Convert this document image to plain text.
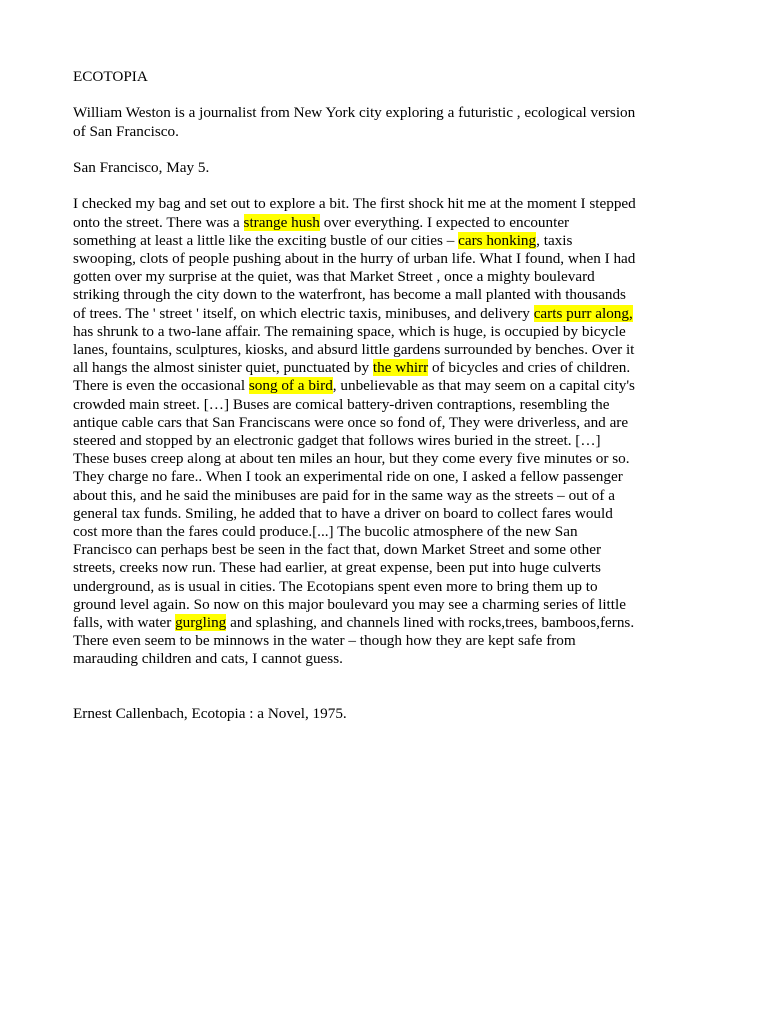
ECOTOPIA

William Weston is a journalist from New York city exploring a futuristic , ecological version
of San Francisco.

San Francisco, May 5.

I checked my bag and set out to explore a bit. The first shock hit me at the moment I stepped
onto the street. There was a strange hush over everything. I expected to encounter
something at least a little like the exciting bustle of our cities – cars honking, taxis
swooping, clots of people pushing about in the hurry of urban life. What I found, when I had
gotten over my surprise at the quiet, was that Market Street , once a mighty boulevard
striking through the city down to the waterfront, has become a mall planted with thousands
of trees. The ' street ' itself, on which electric taxis, minibuses, and delivery carts purr along,
has shrunk to a two-lane affair. The remaining space, which is huge, is occupied by bicycle
lanes, fountains, sculptures, kiosks, and absurd little gardens surrounded by benches. Over it
all hangs the almost sinister quiet, punctuated by the whirr of bicycles and cries of children.
There is even the occasional song of a bird, unbelievable as that may seem on a capital city's
crowded main street. […] Buses are comical battery-driven contraptions, resembling the
antique cable cars that San Franciscans were once so fond of, They were driverless, and are
steered and stopped by an electronic gadget that follows wires buried in the street. […]
These buses creep along at about ten miles an hour, but they come every five minutes or so.
They charge no fare.. When I took an experimental ride on one, I asked a fellow passenger
about this, and he said the minibuses are paid for in the same way as the streets – out of a
general tax funds. Smiling, he added that to have a driver on board to collect fares would
cost more than the fares could produce.[...] The bucolic atmosphere of the new San
Francisco can perhaps best be seen in the fact that, down Market Street and some other
streets, creeks now run. These had earlier, at great expense, been put into huge culverts
underground, as is usual in cities. The Ecotopians spent even more to bring them up to
ground level again. So now on this major boulevard you may see a charming series of little
falls, with water gurgling and splashing, and channels lined with rocks,trees, bamboos,ferns.
There even seem to be minnows in the water – though how they are kept safe from
marauding children and cats, I cannot guess.

Ernest Callenbach, Ecotopia : a Novel, 1975.
